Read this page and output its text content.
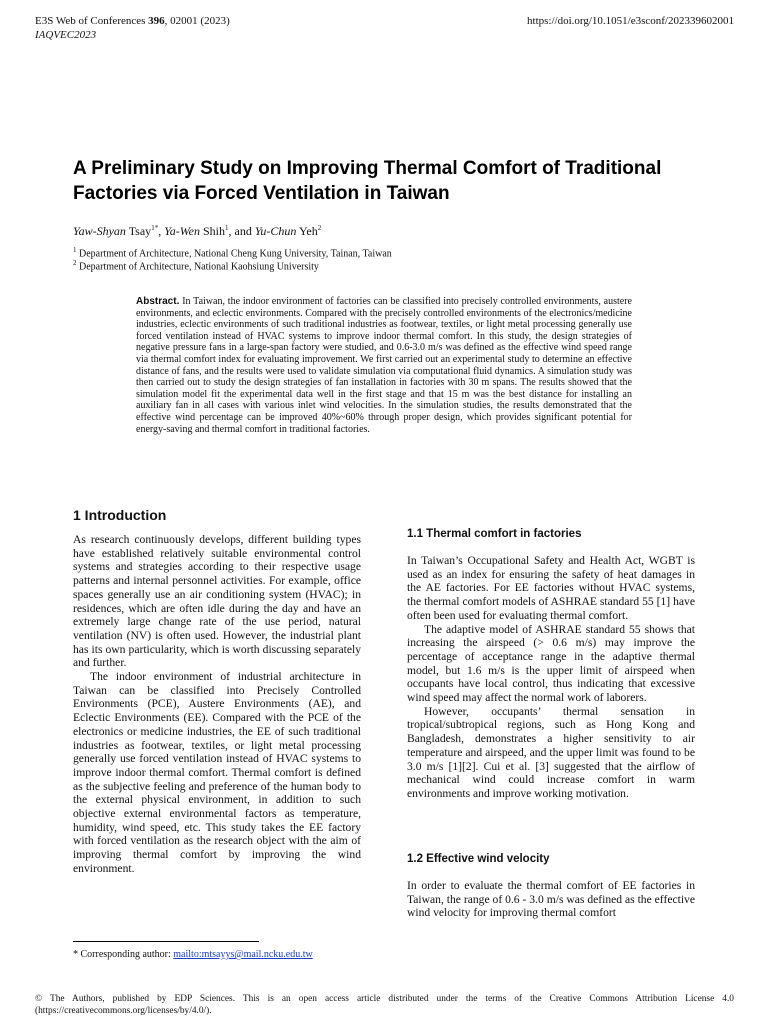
E3S Web of Conferences 396, 02001 (2023)
IAQVEC2023
https://doi.org/10.1051/e3sconf/202339602001
A Preliminary Study on Improving Thermal Comfort of Traditional Factories via Forced Ventilation in Taiwan
Yaw-Shyan Tsay$^{1*}$, Ya-Wen Shih$^1$, and Yu-Chun Yeh$^2$
$^1$ Department of Architecture, National Cheng Kung University, Tainan, Taiwan
$^2$ Department of Architecture, National Kaohsiung University

Abstract. In Taiwan, the indoor environment of factories can be classified into precisely controlled environments, austere environments, and eclectic environments. Compared with the precisely controlled environments of the electronics/medicine industries, eclectic environments of such traditional industries as footwear, textiles, or light metal processing generally use forced ventilation instead of HVAC systems to improve indoor thermal comfort. In this study, the design strategies of negative pressure fans in a large-span factory were studied, and 0.6-3.0 m/s was defined as the effective wind speed range via thermal comfort index for evaluating improvement. We first carried out an experimental study to determine an effective distance of fans, and the results were used to validate simulation via computational fluid dynamics. A simulation study was then carried out to study the design strategies of fan installation in factories with 30 m spans. The results showed that the simulation model fit the experimental data well in the first stage and that 15 m was the best distance for installing an auxiliary fan in all cases with various inlet wind velocities. In the simulation studies, the results demonstrated that the effective wind percentage can be improved 40%~60% through proper design, which provides significant potential for energy-saving and thermal comfort in traditional factories.

1 Introduction

As research continuously develops, different building types have established relatively suitable environmental control systems and strategies according to their respective usage patterns and internal personnel activities. For example, office spaces generally use an air conditioning system (HVAC); in residences, which are often idle during the day and have an extremely large change rate of the use period, natural ventilation (NV) is often used. However, the industrial plant has its own particularity, which is worth discussing separately and further.

The indoor environment of industrial architecture in Taiwan can be classified into Precisely Controlled Environments (PCE), Austere Environments (AE), and Eclectic Environments (EE). Compared with the PCE of the electronics or medicine industries, the EE of such traditional industries as footwear, textiles, or light metal processing generally use forced ventilation instead of HVAC systems to improve indoor thermal comfort. Thermal comfort is defined as the subjective feeling and preference of the human body to the external physical environment, in addition to such objective external environmental factors as temperature, humidity, wind speed, etc. This study takes the EE factory with forced ventilation as the research object with the aim of improving thermal comfort by improving the wind environment.

1.1 Thermal comfort in factories

In Taiwan’s Occupational Safety and Health Act, WGBT is used as an index for ensuring the safety of heat damages in the AE factories. For EE factories without HVAC systems, the thermal comfort models of ASHRAE standard 55 [1] have often been used for evaluating thermal comfort.

The adaptive model of ASHRAE standard 55 shows that increasing the airspeed (> 0.6 m/s) may improve the percentage of acceptance range in the adaptive thermal model, but 1.6 m/s is the upper limit of airspeed when occupants have local control, thus indicating that excessive wind speed may affect the normal work of laborers.

However, occupants’ thermal sensation in tropical/subtropical regions, such as Hong Kong and Bangladesh, demonstrates a higher sensitivity to air temperature and airspeed, and the upper limit was found to be 3.0 m/s [1][2]. Cui et al. [3] suggested that the airflow of mechanical wind could increase comfort in warm environments and improve working motivation.

1.2 Effective wind velocity

In order to evaluate the thermal comfort of EE factories in Taiwan, the range of 0.6 - 3.0 m/s was defined as the effective wind velocity for improving thermal comfort

* Corresponding author: mailto:mtsayys@mail.ncku.edu.tw
© The Authors, published by EDP Sciences. This is an open access article distributed under the terms of the Creative Commons Attribution License 4.0 (https://creativecommons.org/licenses/by/4.0/).
